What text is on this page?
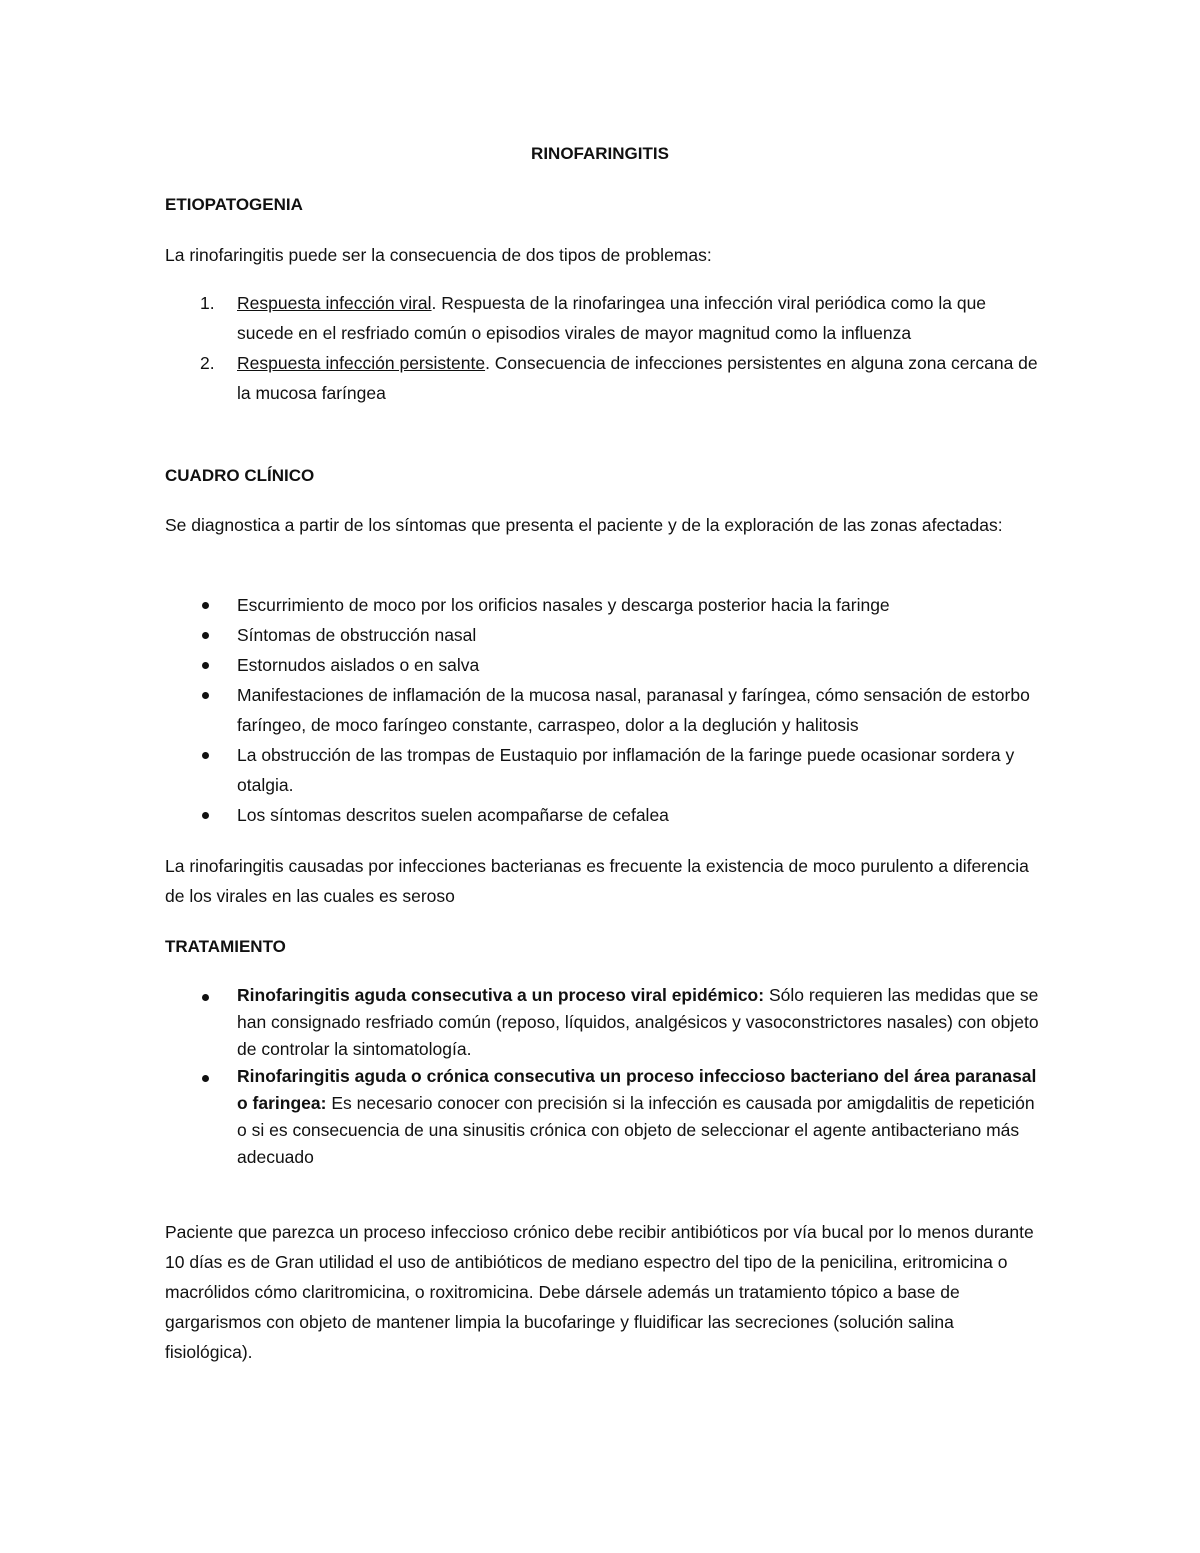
RINOFARINGITIS
ETIOPATOGENIA
La rinofaringitis puede ser la consecuencia de dos tipos de problemas:
1. Respuesta infección viral. Respuesta de la rinofaringea una infección viral periódica como la que sucede en el resfriado común o episodios virales de mayor magnitud como la influenza
2. Respuesta infección persistente. Consecuencia de infecciones persistentes en alguna zona cercana de la mucosa faríngea
CUADRO CLÍNICO
Se diagnostica a partir de los síntomas que presenta el paciente y de la exploración de las zonas afectadas:
Escurrimiento de moco por los orificios nasales y descarga posterior hacia la faringe
Síntomas de obstrucción nasal
Estornudos aislados o en salva
Manifestaciones de inflamación de la mucosa nasal, paranasal y faríngea, cómo sensación de estorbo faríngeo, de moco faríngeo constante, carraspeo, dolor a la deglución y halitosis
La obstrucción de las trompas de Eustaquio por inflamación de la faringe puede ocasionar sordera y otalgia.
Los síntomas descritos suelen acompañarse de cefalea
La rinofaringitis causadas por infecciones bacterianas es frecuente la existencia de moco purulento a diferencia de los virales en las cuales es seroso
TRATAMIENTO
Rinofaringitis aguda consecutiva a un proceso viral epidémico: Sólo requieren las medidas que se han consignado resfriado común (reposo, líquidos, analgésicos y vasoconstrictores nasales) con objeto de controlar la sintomatología.
Rinofaringitis aguda o crónica consecutiva un proceso infeccioso bacteriano del área paranasal o faringea: Es necesario conocer con precisión si la infección es causada por amigdalitis de repetición o si es consecuencia de una sinusitis crónica con objeto de seleccionar el agente antibacteriano más adecuado
Paciente que parezca un proceso infeccioso crónico debe recibir antibióticos por vía bucal por lo menos durante 10 días es de Gran utilidad el uso de antibióticos de mediano espectro del tipo de la penicilina, eritromicina o macrólidos cómo claritromicina, o roxitromicina. Debe dársele además un tratamiento tópico a base de gargarismos con objeto de mantener limpia la bucofaringe y fluidificar las secreciones (solución salina fisiológica).
